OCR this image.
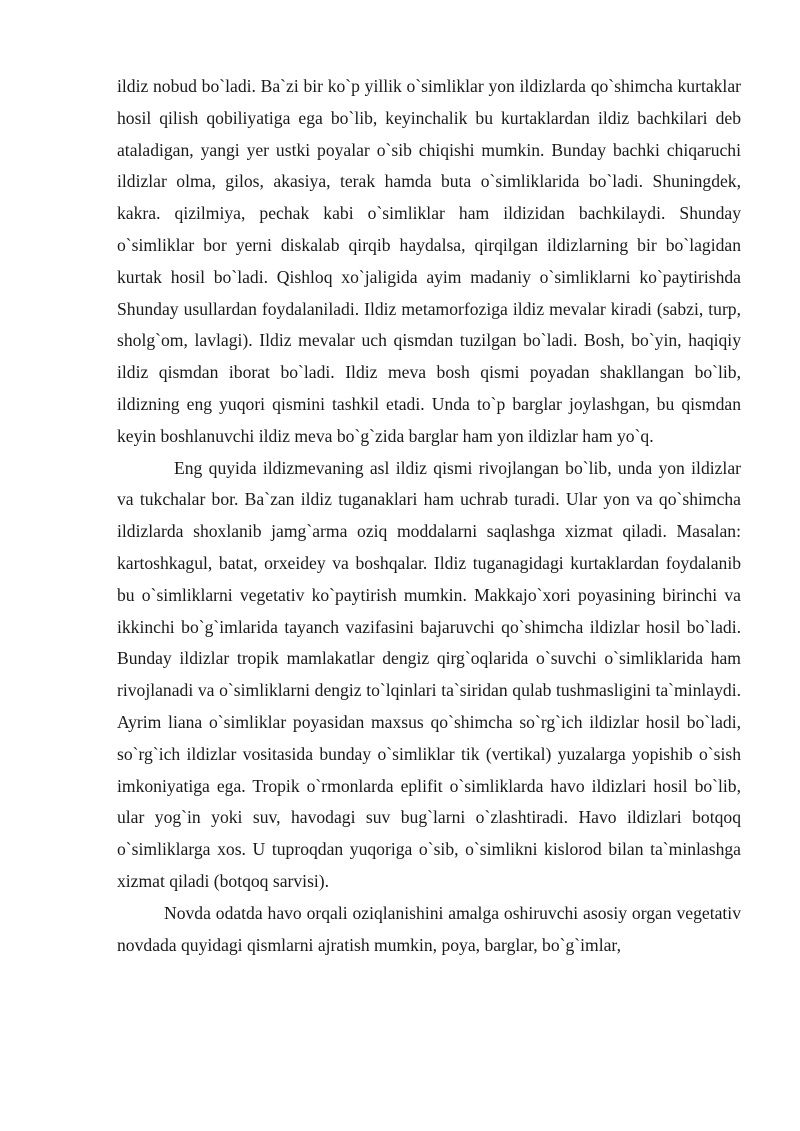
ildiz nobud bo`ladi. Ba`zi bir ko`p yillik o`simliklar yon ildizlarda qo`shimcha kurtaklar hosil qilish qobiliyatiga ega bo`lib, keyinchalik bu kurtaklardan ildiz bachkilari deb ataladigan, yangi yer ustki poyalar o`sib chiqishi mumkin. Bunday bachki chiqaruchi ildizlar olma, gilos, akasiya, terak hamda buta o`simliklarida bo`ladi. Shuningdek, kakra. qizilmiya, pechak kabi o`simliklar ham ildizidan bachkilaydi. Shunday o`simliklar bor yerni diskalab qirqib haydalsa, qirqilgan ildizlarning bir bo`lagidan kurtak hosil bo`ladi. Qishloq xo`jaligida ayim madaniy o`simliklarni ko`paytirishda Shunday usullardan foydalaniladi. Ildiz metamorfoziga ildiz mevalar kiradi (sabzi, turp, sholg`om, lavlagi). Ildiz mevalar uch qismdan tuzilgan bo`ladi. Bosh, bo`yin, haqiqiy ildiz qismdan iborat bo`ladi. Ildiz meva bosh qismi poyadan shakllangan bo`lib, ildizning eng yuqori qismini tashkil etadi. Unda to`p barglar joylashgan, bu qismdan keyin boshlanuvchi ildiz meva bo`g`zida barglar ham yon ildizlar ham yo`q.

Eng quyida ildizmevaning asl ildiz qismi rivojlangan bo`lib, unda yon ildizlar va tukchalar bor. Ba`zan ildiz tuganaklari ham uchrab turadi. Ular yon va qo`shimcha ildizlarda shoxlanib jamg`arma oziq moddalarni saqlashga xizmat qiladi. Masalan: kartoshkagul, batat, orxeidey va boshqalar. Ildiz tuganagidagi kurtaklardan foydalanib bu o`simliklarni vegetativ ko`paytirish mumkin. Makkajo`xori poyasining birinchi va ikkinchi bo`g`imlarida tayanch vazifasini bajaruvchi qo`shimcha ildizlar hosil bo`ladi. Bunday ildizlar tropik mamlakatlar dengiz qirg`oqlarida o`suvchi o`simliklarida ham rivojlanadi va o`simliklarni dengiz to`lqinlari ta`siridan qulab tushmasligini ta`minlaydi. Ayrim liana o`simliklar poyasidan maxsus qo`shimcha so`rg`ich ildizlar hosil bo`ladi, so`rg`ich ildizlar vositasida bunday o`simliklar tik (vertikal) yuzalarga yopishib o`sish imkoniyatiga ega. Tropik o`rmonlarda eplifit o`simliklarda havo ildizlari hosil bo`lib, ular yog`in yoki suv, havodagi suv bug`larni o`zlashtiradi. Havo ildizlari botqoq o`simliklarga xos. U tuproqdan yuqoriga o`sib, o`simlikni kislorod bilan ta`minlashga xizmat qiladi (botqoq sarvisi).

Novda odatda havo orqali oziqlanishini amalga oshiruvchi asosiy organ vegetativ novdada quyidagi qismlarni ajratish mumkin, poya, barglar, bo`g`imlar,
